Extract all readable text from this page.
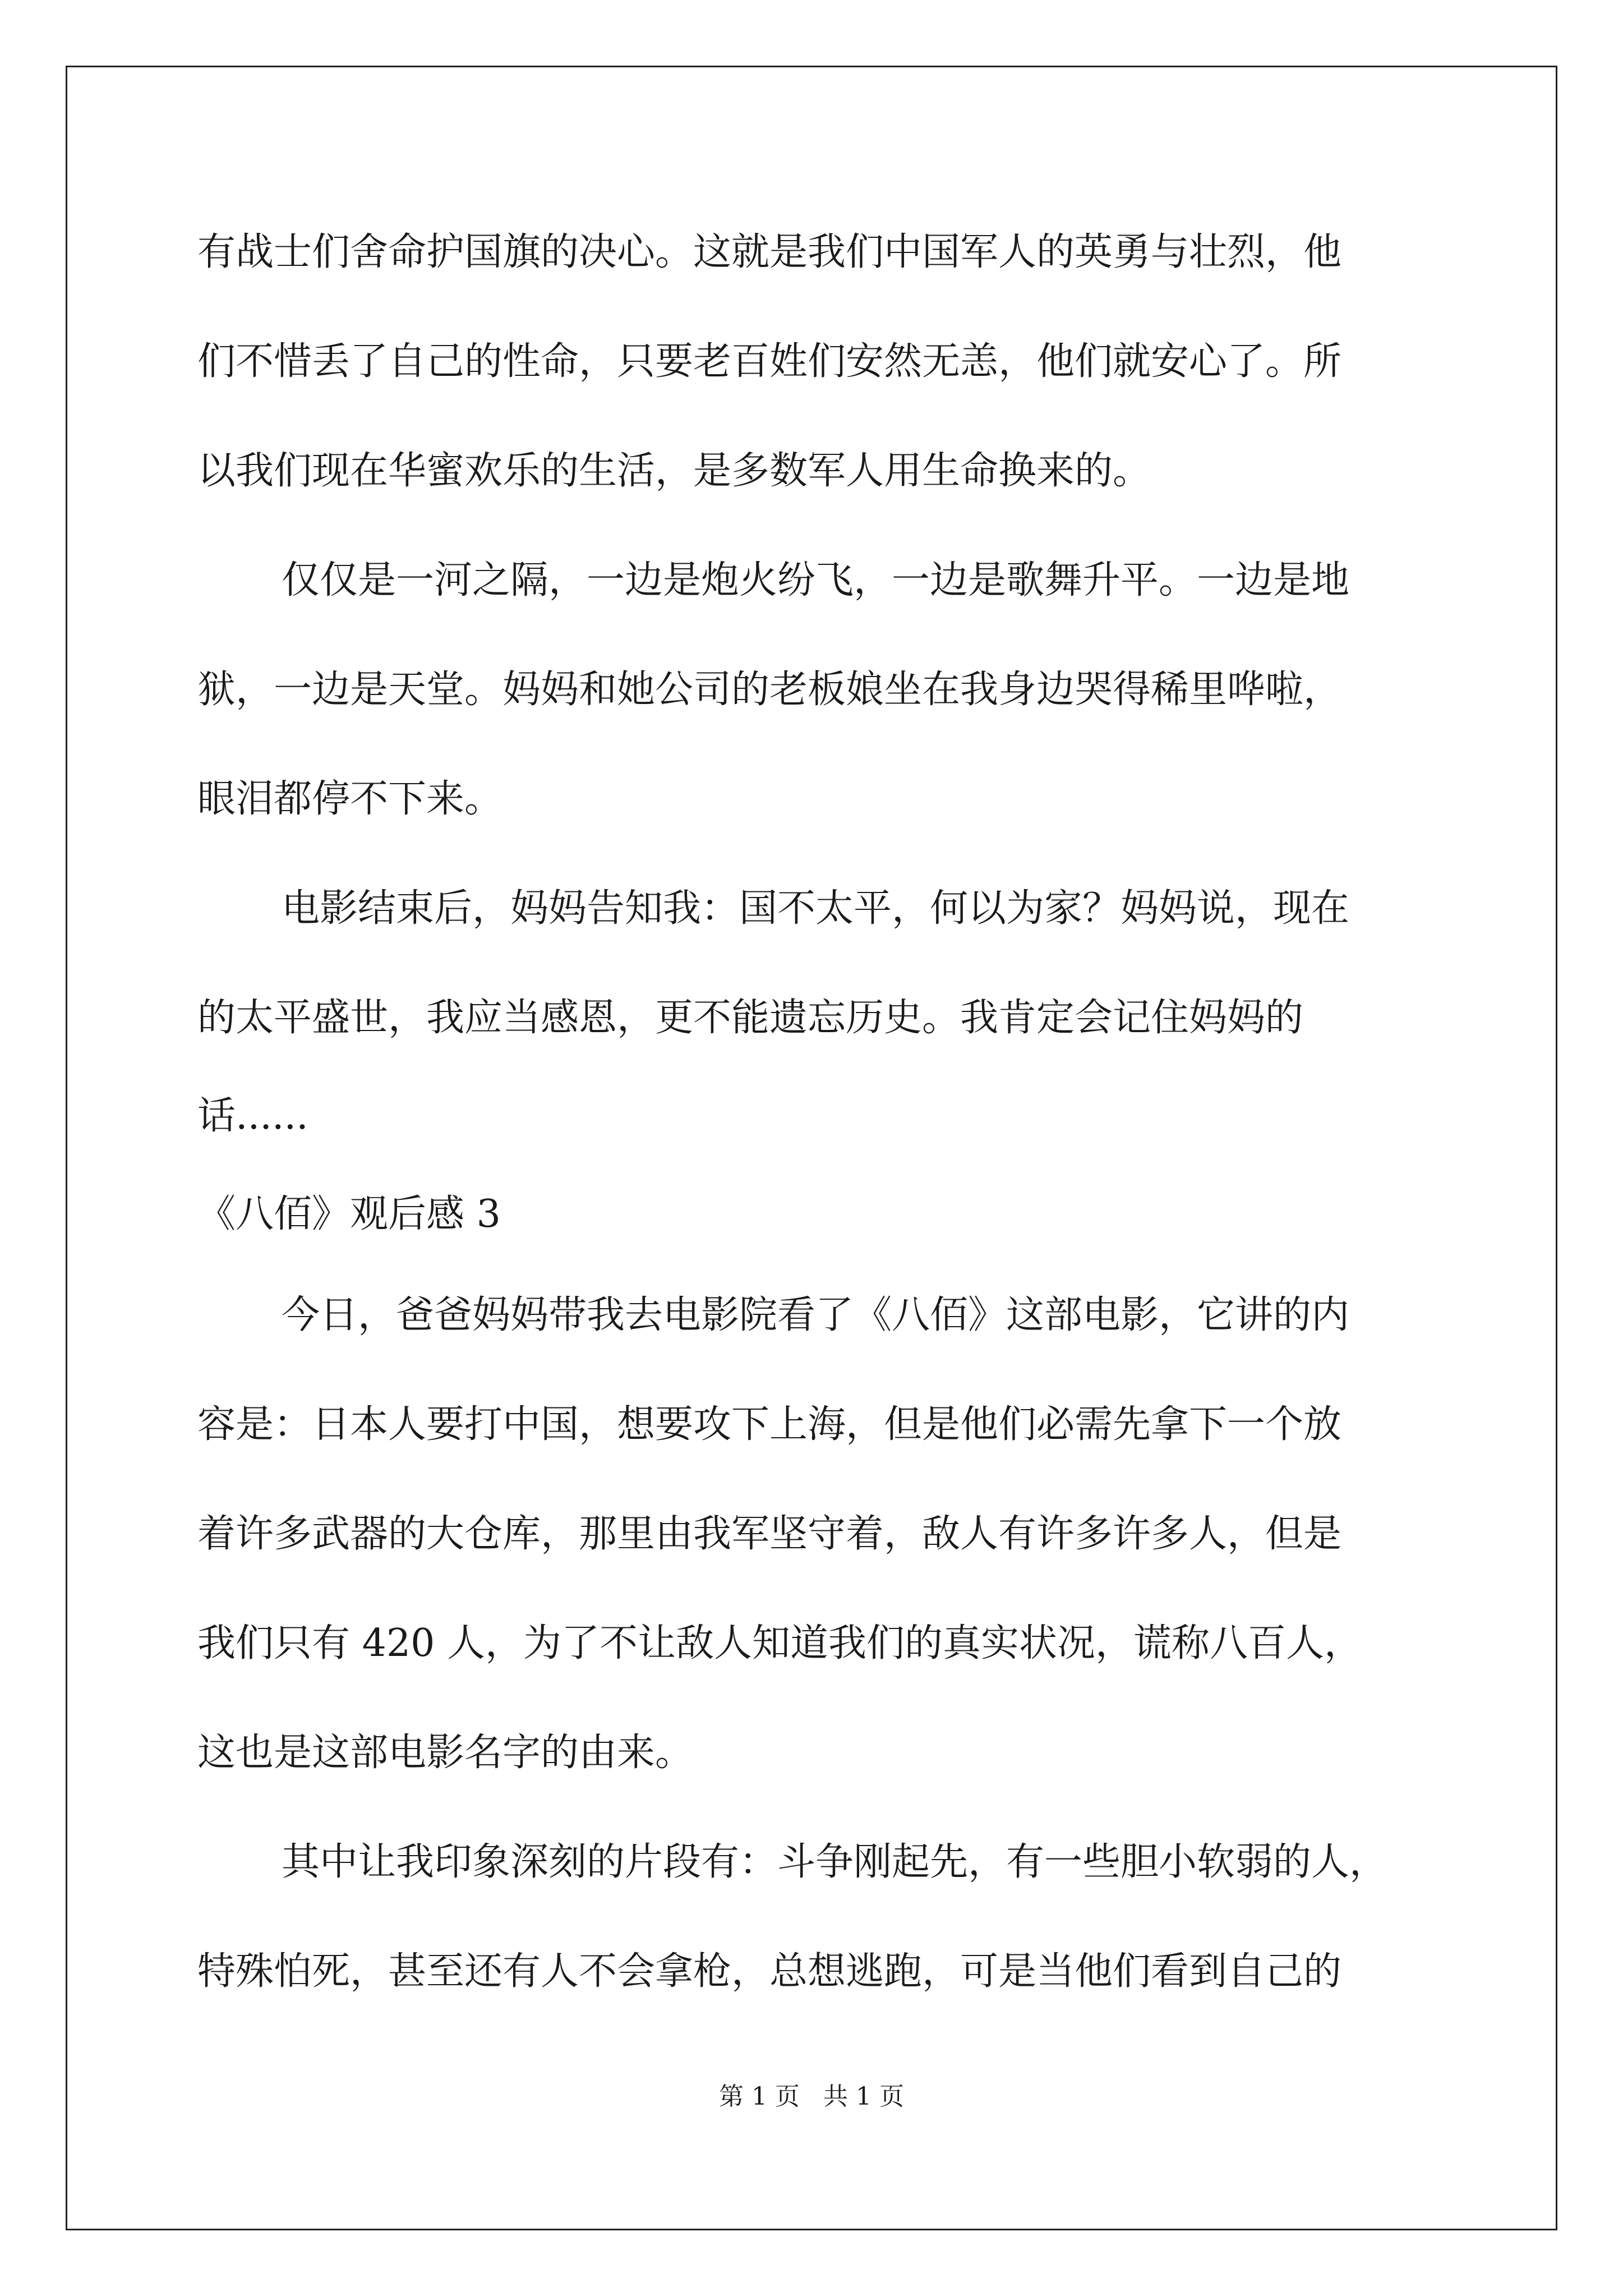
有战士们舍命护国旗的决心。这就是我们中国军人的英勇与壮烈，他
们不惜丢了自己的性命，只要老百姓们安然无恙，他们就安心了。所
以我们现在华蜜欢乐的生活，是多数军人用生命换来的。
仅仅是一河之隔，一边是炮火纷飞，一边是歌舞升平。一边是地
狱，一边是天堂。妈妈和她公司的老板娘坐在我身边哭得稀里哗啦，
眼泪都停不下来。
电影结束后，妈妈告知我：国不太平，何以为家？妈妈说，现在
的太平盛世，我应当感恩，更不能遗忘历史。我肯定会记住妈妈的
话......
《八佰》观后感 3
今日，爸爸妈妈带我去电影院看了《八佰》这部电影，它讲的内
容是：日本人要打中国，想要攻下上海，但是他们必需先拿下一个放
着许多武器的大仓库，那里由我军坚守着，敌人有许多许多人，但是
我们只有 420 人，为了不让敌人知道我们的真实状况，谎称八百人，
这也是这部电影名字的由来。
其中让我印象深刻的片段有：斗争刚起先，有一些胆小软弱的人，
特殊怕死，甚至还有人不会拿枪，总想逃跑，可是当他们看到自己的
第 1 页   共 1 页
